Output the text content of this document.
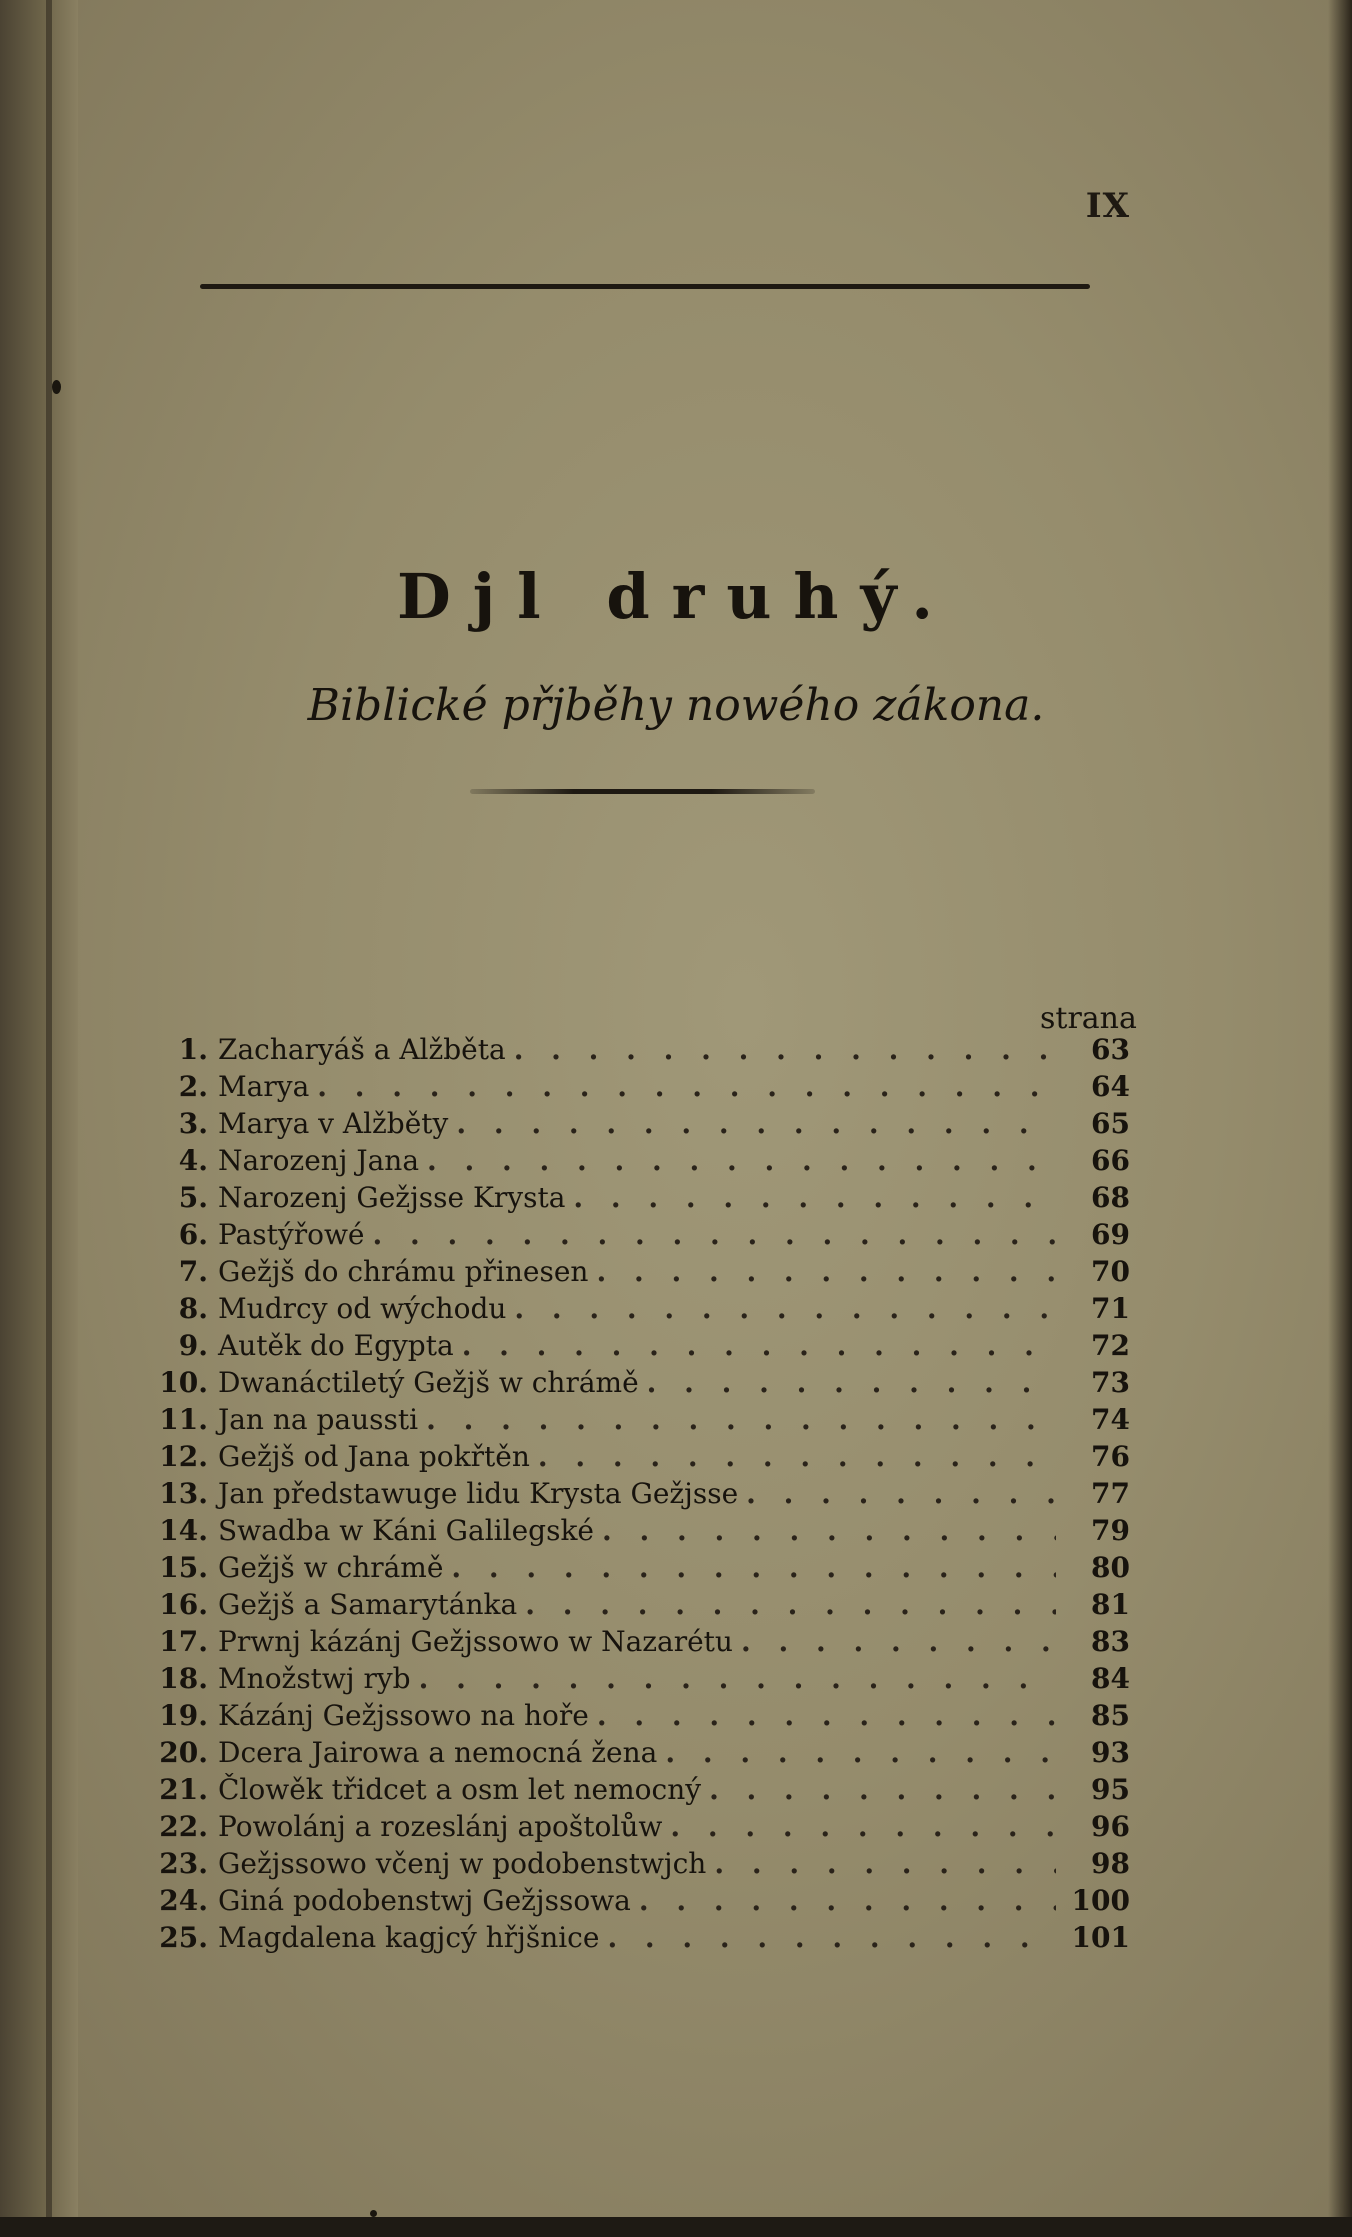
IX
Djl druhý.
Biblické přjběhy nowého zákona.
strana
1. Zacharyáš a Alžběta . . .	63
2. Marya . . .	64
3. Marya v Alžběty . . .	65
4. Narozenj Jana . . .	66
5. Narozenj Gežjsse Krysta . . .	68
6. Pastýřowé . . .	69
7. Gežjš do chrámu přinesen . . .	70
8. Mudrcy od wýchodu . . .	71
9. Autěk do Egypta . . .	72
10. Dwanáctiletý Gežjš w chrámě . . .	73
11. Jan na paussti . . .	74
12. Gežjš od Jana pokřtěn . . .	76
13. Jan předstawuge lidu Krysta Gežjsse . . .	77
14. Swadba w Káni Galilegské . . .	79
15. Gežjš w chrámě . . .	80
16. Gežjš a Samarytánka . . .	81
17. Prwnj kázánj Gežjssowo w Nazarétu . . .	83
18. Množstwj ryb . . .	84
19. Kázánj Gežjssowo na hoře . . .	85
20. Dcera Jairowa a nemocná žena . . .	93
21. Člowěk třidcet a osm let nemocný . . .	95
22. Powolánj a rozeslánj apoštolůw . . .	96
23. Gežjssowo včenj w podobenstwjch . . .	98
24. Giná podobenstwj Gežjssowa . . .	100
25. Magdalena kagjcý hřjšnice . . .	101
